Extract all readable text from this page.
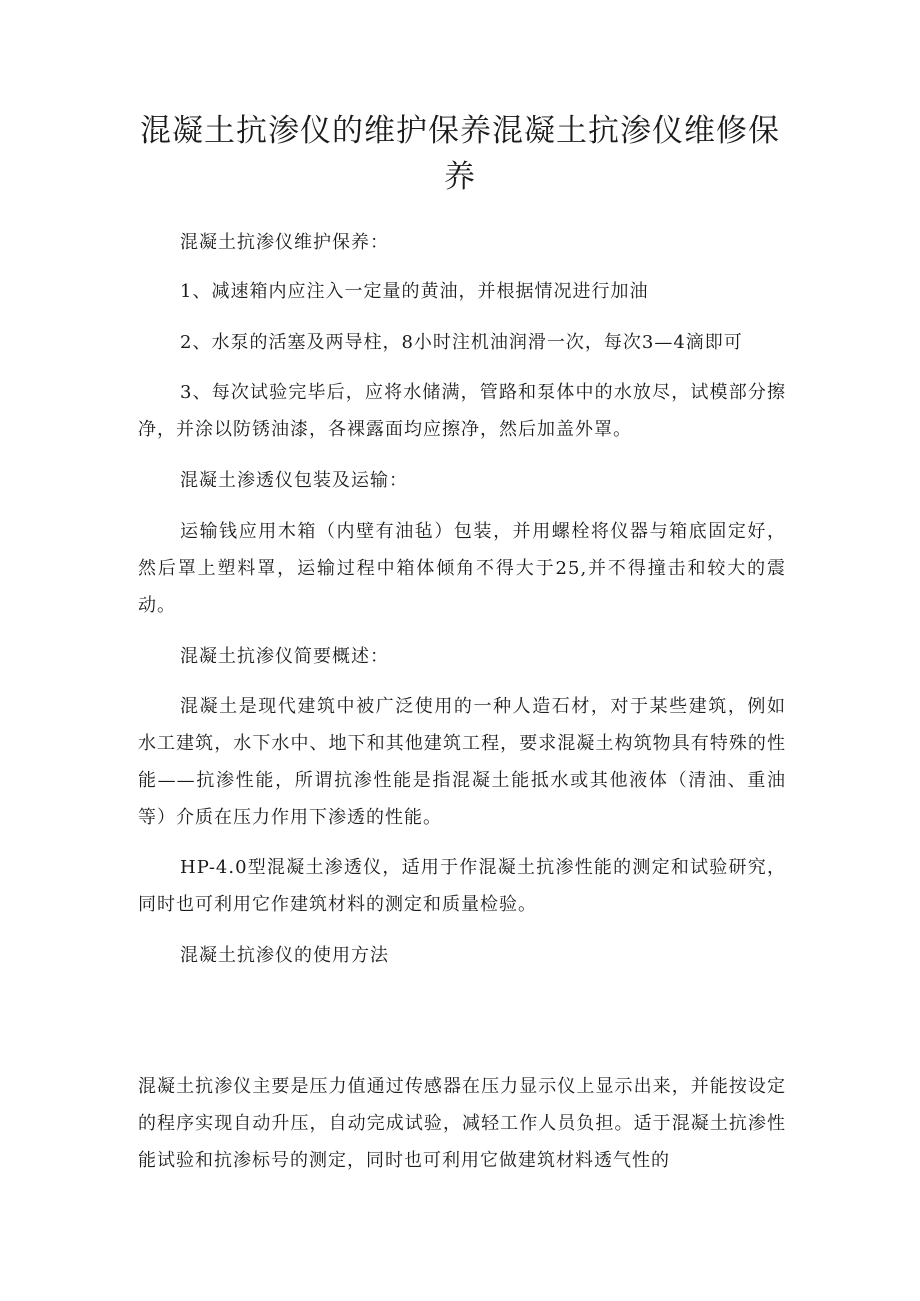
混凝土抗渗仪的维护保养混凝土抗渗仪维修保养

混凝土抗渗仪维护保养：

1、减速箱内应注入一定量的黄油，并根据情况进行加油

2、水泵的活塞及两导柱，8小时注机油润滑一次，每次3—4滴即可

3、每次试验完毕后，应将水储满，管路和泵体中的水放尽，试模部分擦净，并涂以防锈油漆，各裸露面均应擦净，然后加盖外罩。

混凝土渗透仪包装及运输：

运输钱应用木箱（内壁有油毡）包装，并用螺栓将仪器与箱底固定好，然后罩上塑料罩，运输过程中箱体倾角不得大于25,并不得撞击和较大的震动。

混凝土抗渗仪简要概述：

混凝土是现代建筑中被广泛使用的一种人造石材，对于某些建筑，例如水工建筑，水下水中、地下和其他建筑工程，要求混凝土构筑物具有特殊的性能——抗渗性能，所谓抗渗性能是指混凝土能抵水或其他液体（清油、重油等）介质在压力作用下渗透的性能。

HP-4.0型混凝土渗透仪，适用于作混凝土抗渗性能的测定和试验研究，同时也可利用它作建筑材料的测定和质量检验。

混凝土抗渗仪的使用方法

混凝土抗渗仪主要是压力值通过传感器在压力显示仪上显示出来，并能按设定的程序实现自动升压，自动完成试验，减轻工作人员负担。适于混凝土抗渗性能试验和抗渗标号的测定，同时也可利用它做建筑材料透气性的
